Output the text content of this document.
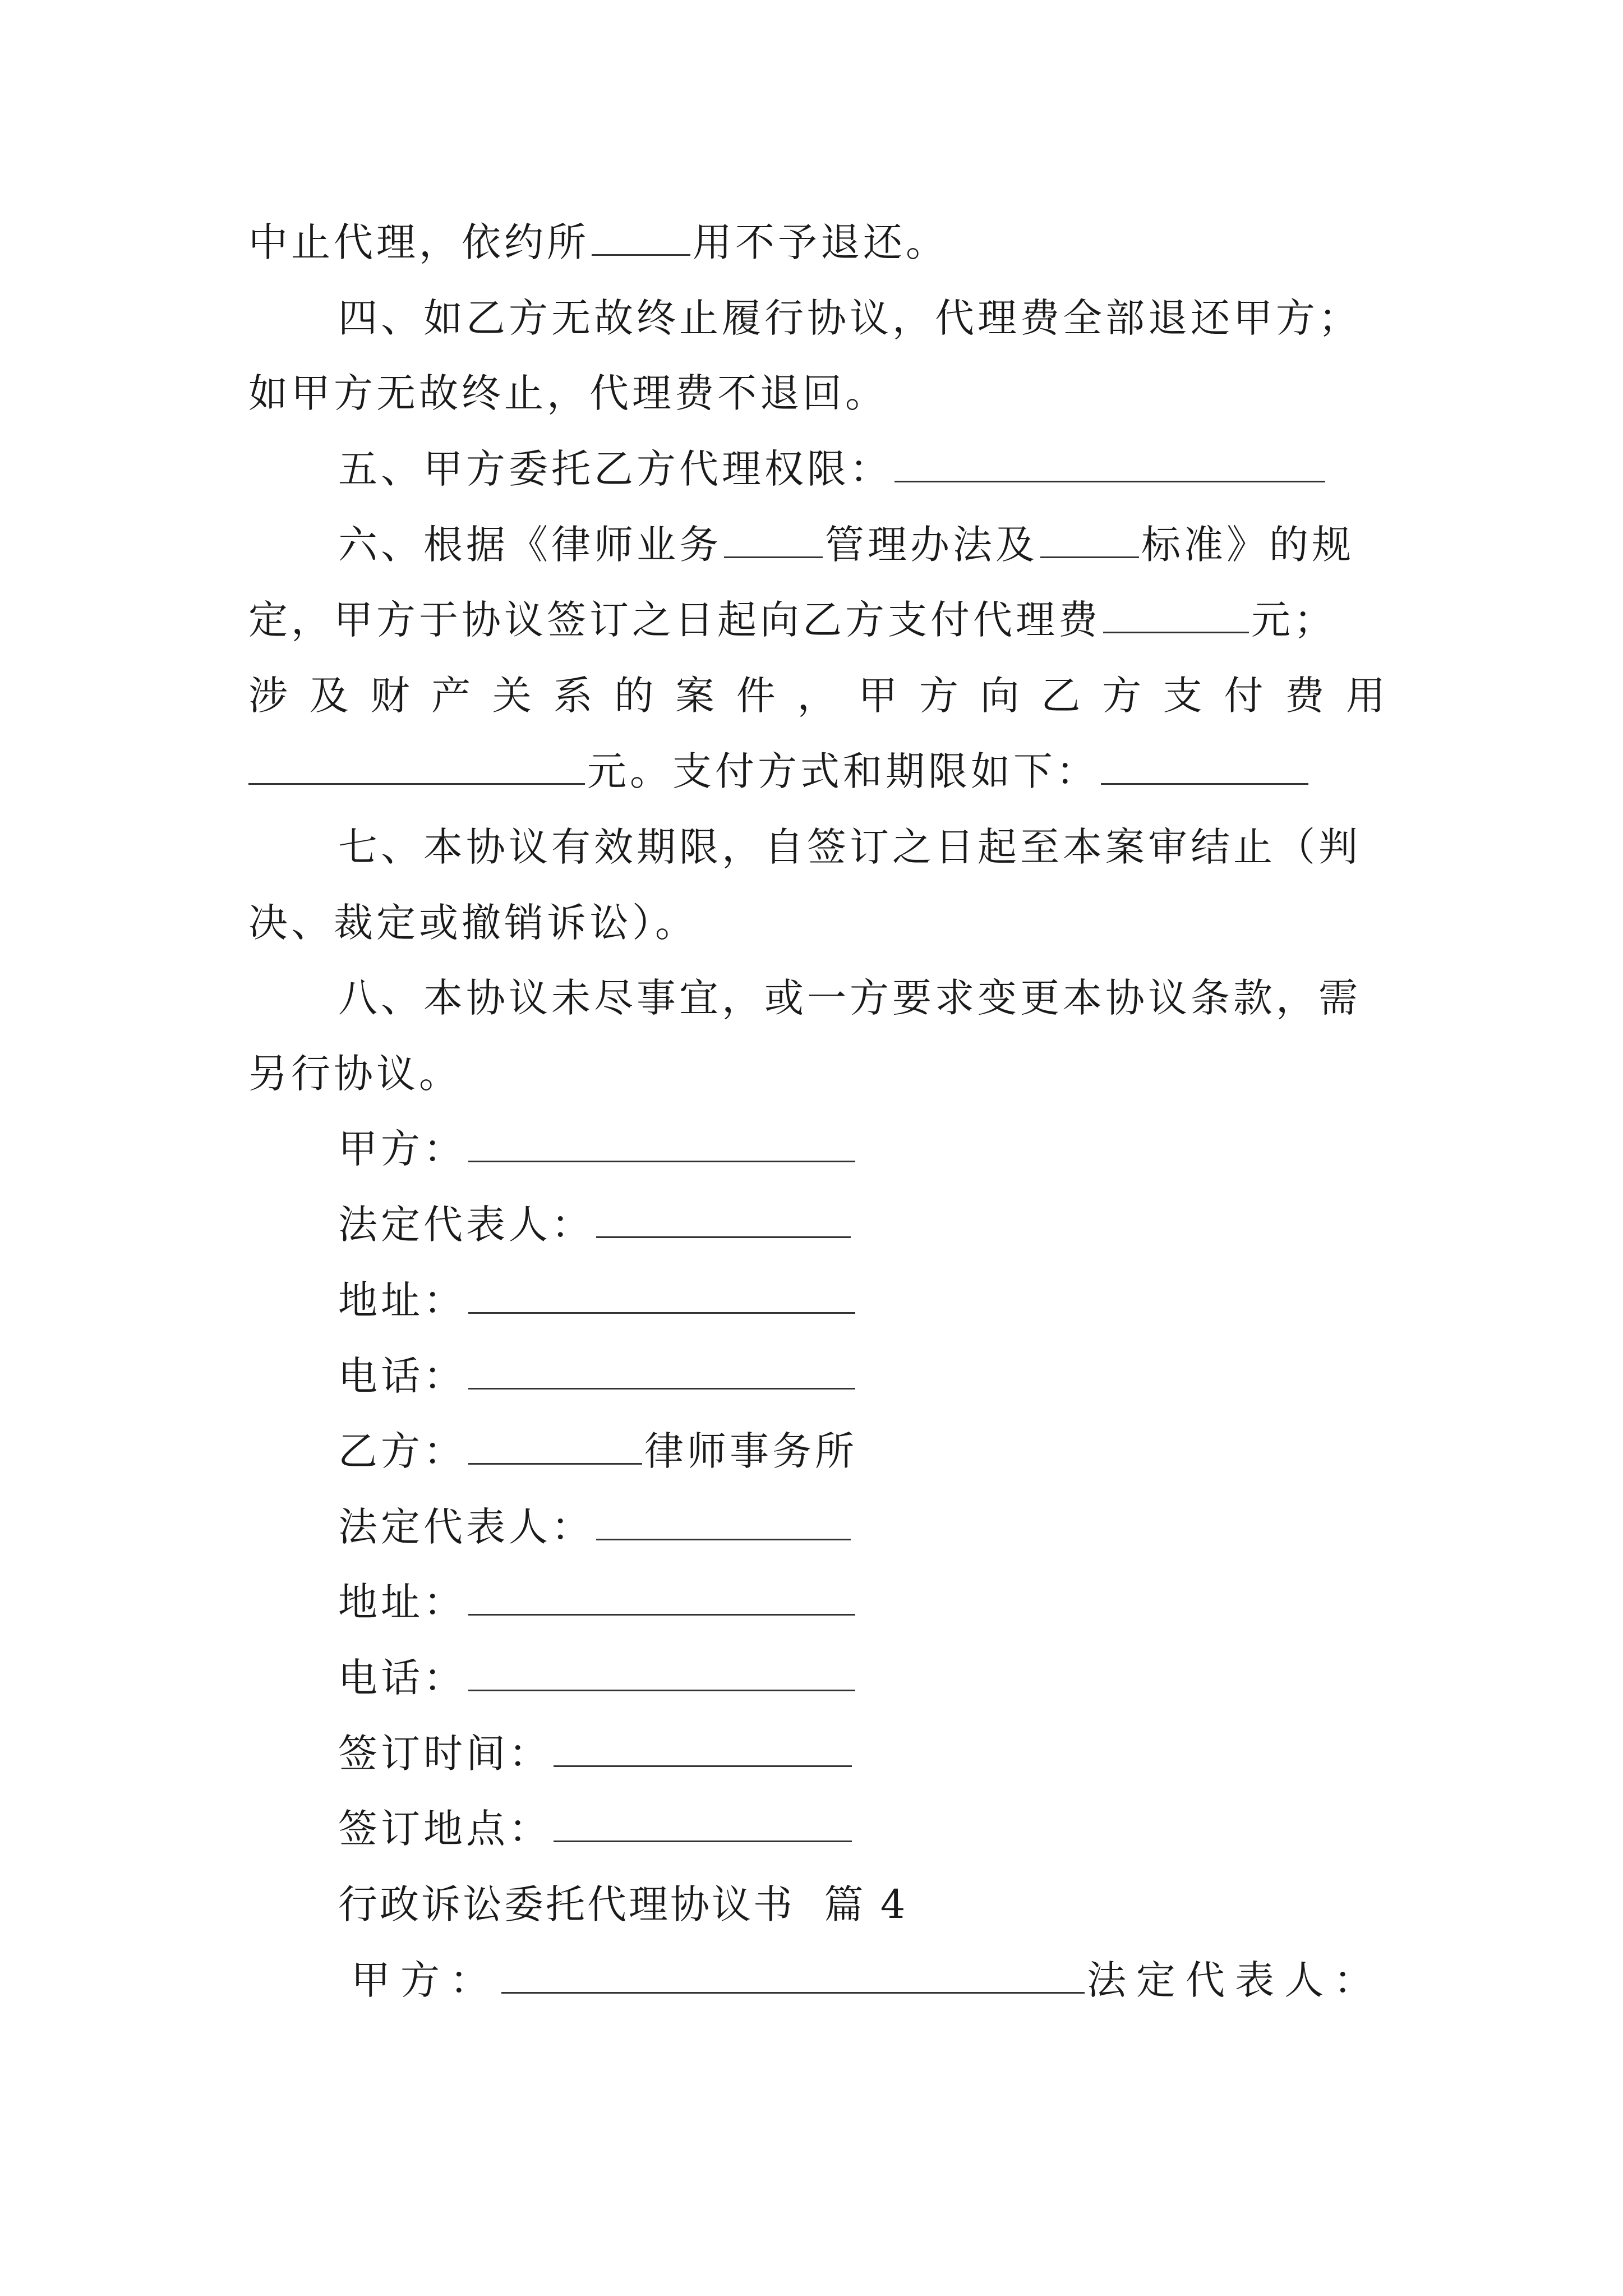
中止代理，依约所	用不予退还。
四、如乙方无故终止履行协议，代理费全部退还甲方；
如甲方无故终止，代理费不退回。
五、甲方委托乙方代理权限：
六、根据《律师业务	管理办法及	标准》的规
定，甲方于协议签订之日起向乙方支付代理费	元；
涉 及 财 产 关 系 的 案 件 ， 甲 方 向 乙 方 支 付 费 用
元。支付方式和期限如下：
七、本协议有效期限，自签订之日起至本案审结止（判
决、裁定或撤销诉讼）。
八、本协议未尽事宜，或一方要求变更本协议条款，需
另行协议。
甲方：
法定代表人：
地址：
电话：
乙方：	律师事务所
法定代表人：
地址：
电话：
签订时间：
签订地点：
行政诉讼委托代理协议书  篇 4
甲方：	法定代表人：
